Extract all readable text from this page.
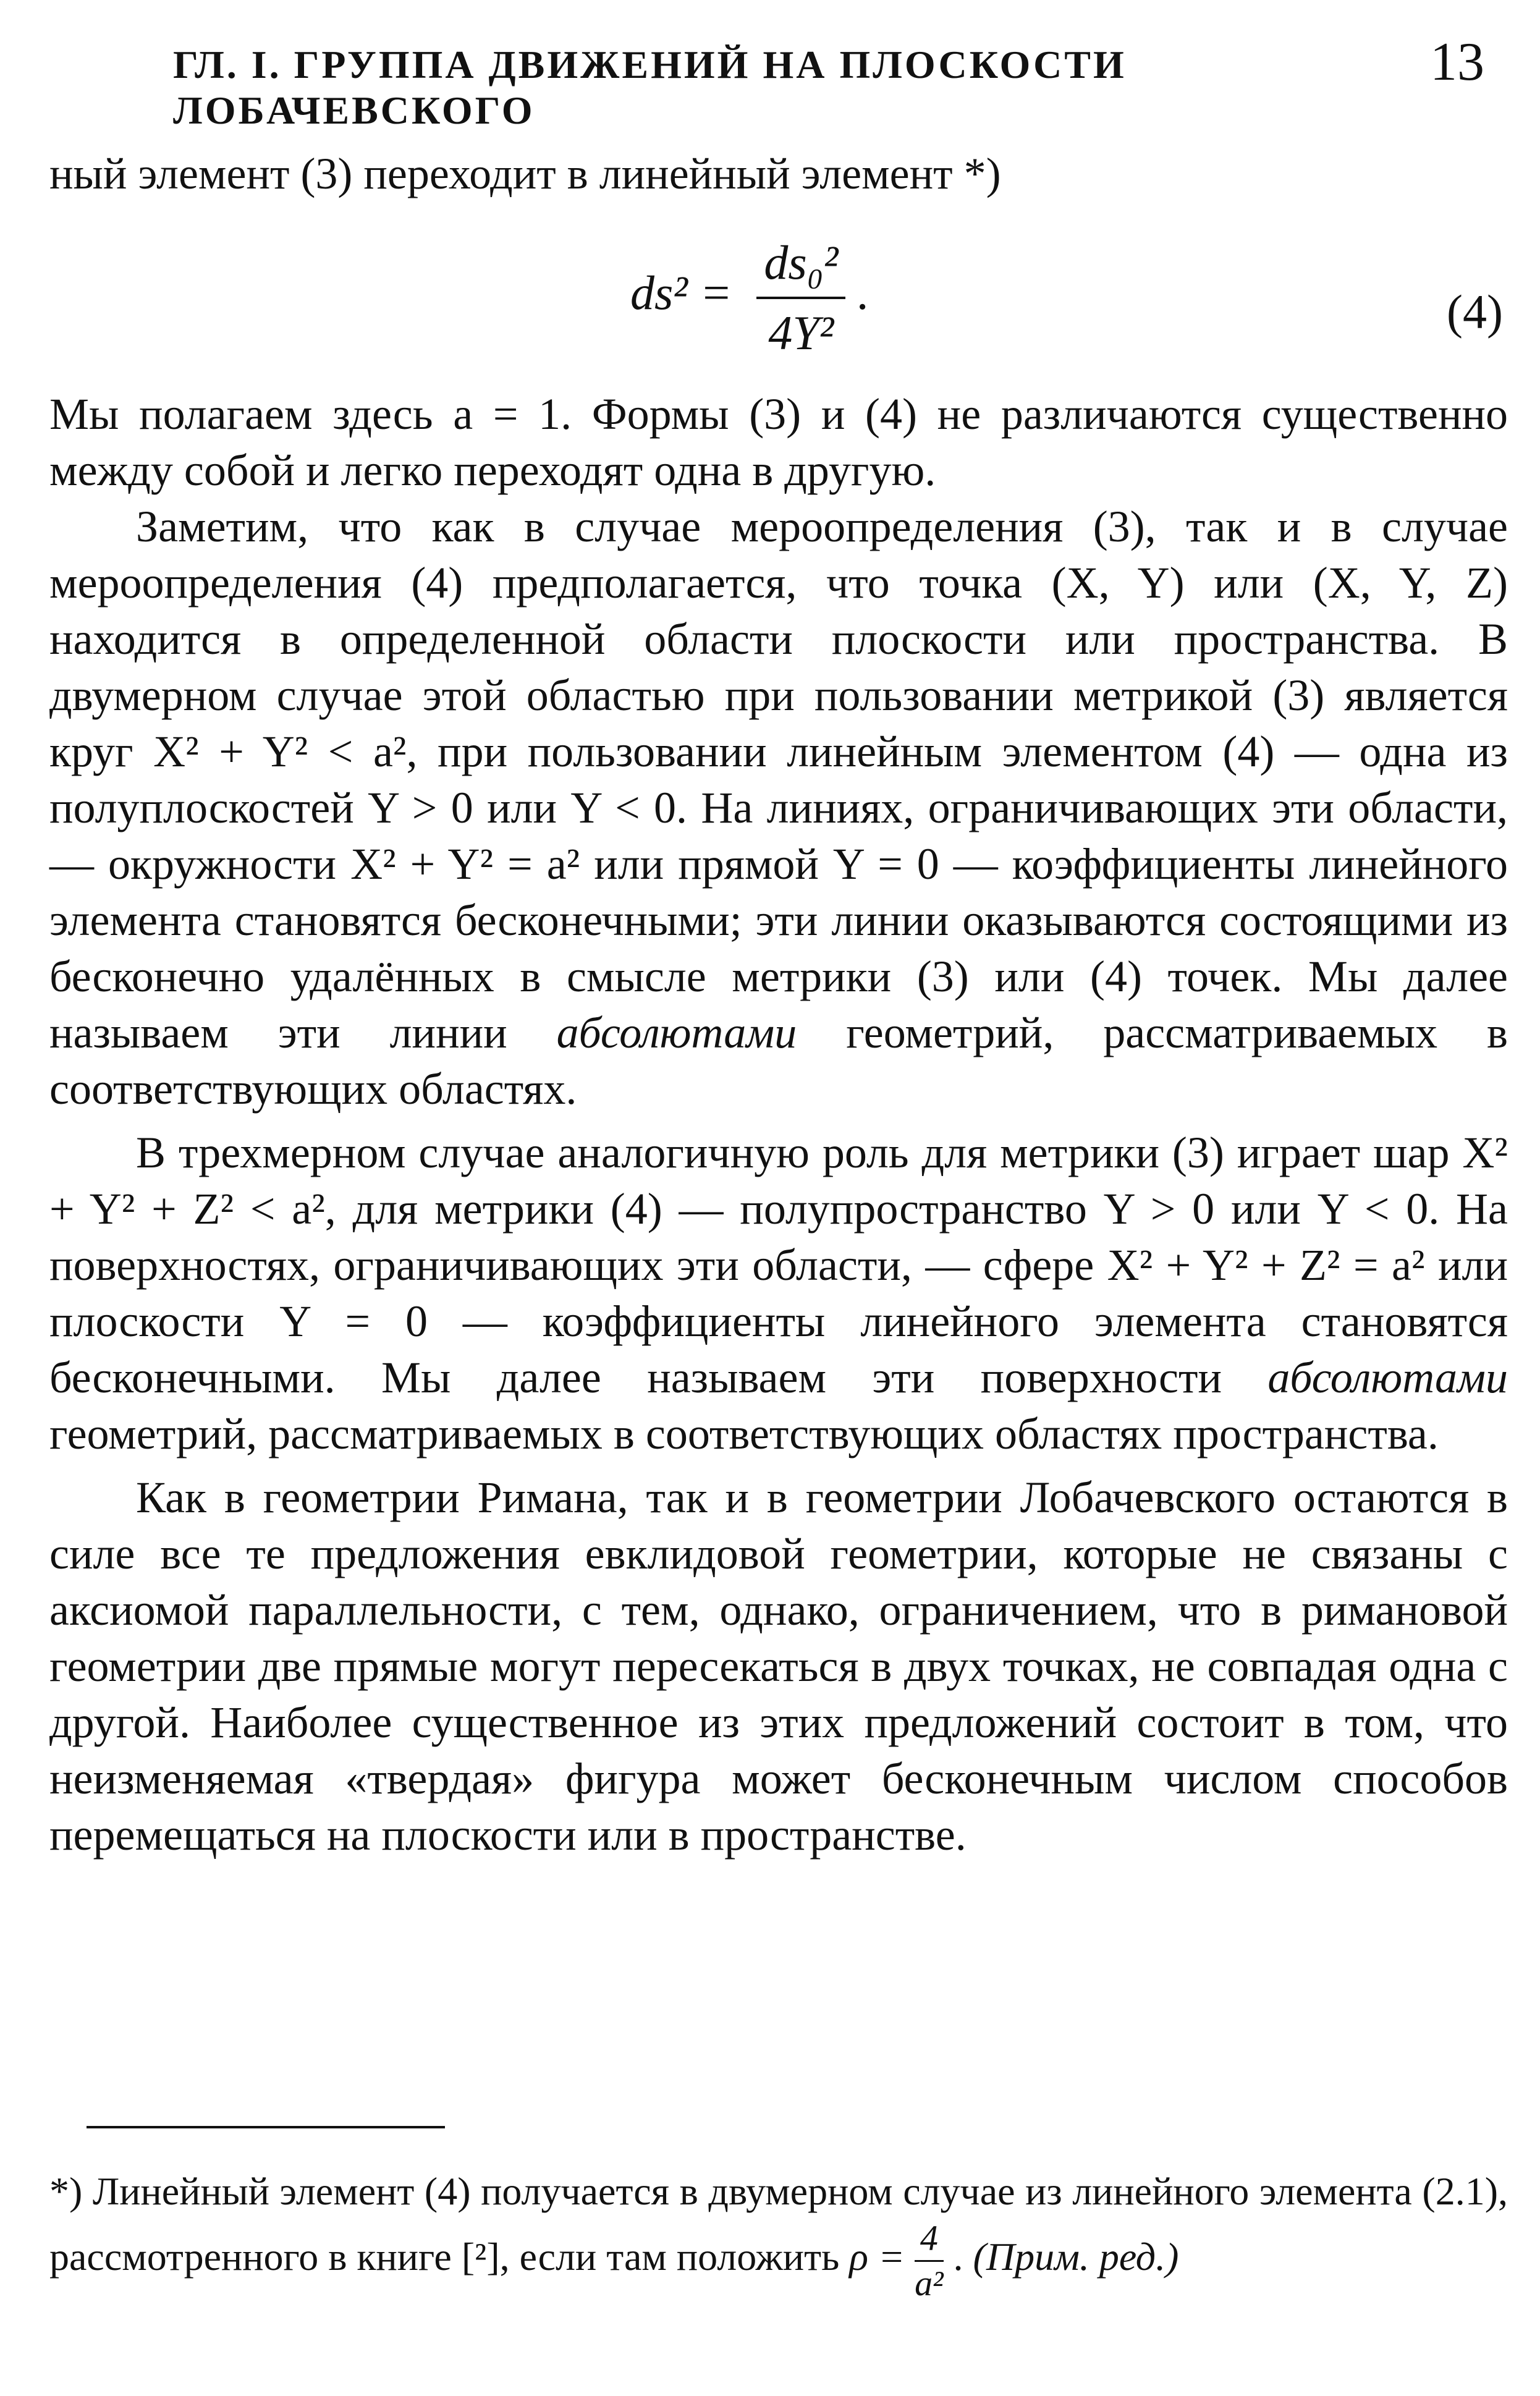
ГЛ. I. ГРУППА ДВИЖЕНИЙ НА ПЛОСКОСТИ ЛОБАЧЕВСКОГО
13
ный элемент (3) переходит в линейный элемент *)
$ds^2 = \frac{\text{ds₀²}}{\text{4Y²}}$ .	(4)

Мы полагаем здесь a = 1. Формы (3) и (4) не различаются существенно между собой и легко переходят одна в другую.

Заметим, что как в случае мероопределения (3), так и в случае мероопределения (4) предполагается, что точка (X, Y) или (X, Y, Z) находится в определенной области плоскости или пространства. В двумерном случае этой областью при пользовании метрикой (3) является круг X² + Y² < a², при пользовании линейным элементом (4) — одна из полуплоскостей Y > 0 или Y < 0. На линиях, ограничивающих эти области, — окружности X² + Y² = a² или прямой Y = 0 — коэффициенты линейного элемента становятся бесконечными; эти линии оказываются состоящими из бесконечно удалённых в смысле метрики (3) или (4) точек. Мы далее называем эти линии абсолютами геометрий, рассматриваемых в соответствующих областях.

В трехмерном случае аналогичную роль для метрики (3) играет шар X² + Y² + Z² < a², для метрики (4) — полупространство Y > 0 или Y < 0. На поверхностях, ограничивающих эти области, — сфере X² + Y² + Z² = a² или плоскости Y = 0 — коэффициенты линейного элемента становятся бесконечными. Мы далее называем эти поверхности абсолютами геометрий, рассматриваемых в соответствующих областях пространства.

Как в геометрии Римана, так и в геометрии Лобачевского остаются в силе все те предложения евклидовой геометрии, которые не связаны с аксиомой параллельности, с тем, однако, ограничением, что в римановой геометрии две прямые могут пересекаться в двух точках, не совпадая одна с другой. Наиболее существенное из этих предложений состоит в том, что неизменяемая «твердая» фигура может бесконечным числом способов перемещаться на плоскости или в пространстве.

*) Линейный элемент (4) получается в двумерном случае из линейного элемента (2.1), рассмотренного в книге [²], если там положить $\rho = \frac{4}{\text{a²}}$ . (Прим. ред.)
